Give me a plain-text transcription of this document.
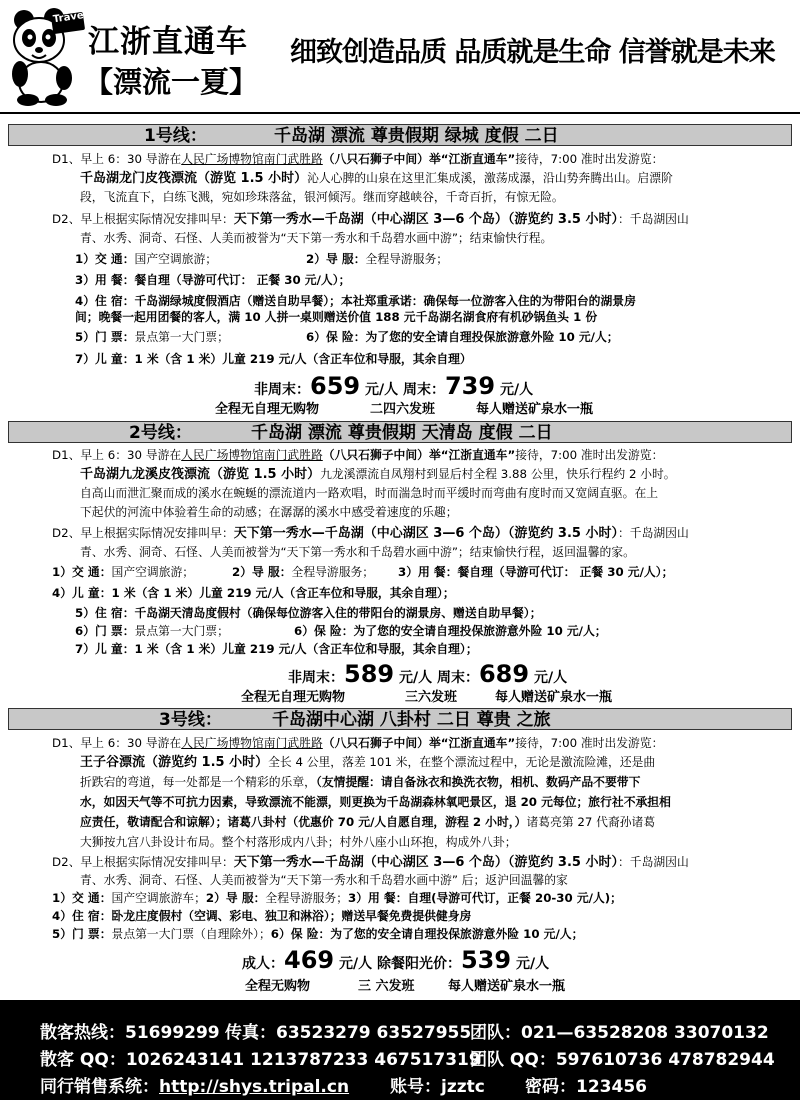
Travel
江浙直通车
【漂流一夏】
细致创造品质 品质就是生命 信誉就是未来
1号线：	千岛湖 漂流 尊贵假期 绿城 度假 二日
D1、早上 6：30 导游在人民广场博物馆南门武胜路（八只石狮子中间）举“江浙直通车”接待，7:00 准时出发游览：
千岛湖龙门皮筏漂流（游览 1.5 小时）沁人心脾的山泉在这里汇集成溪，激荡成瀑，沿山势奔腾出山。启漂阶
段，飞流直下，白练飞溅，宛如珍珠落盆，银河倾泻。继而穿越峡谷，千奇百折，有惊无险。
D2、早上根据实际情况安排叫早：天下第一秀水—千岛湖（中心湖区 3—6 个岛）（游览约 3.5 小时）：千岛湖因山
青、水秀、洞奇、石怪、人美而被誉为“天下第一秀水和千岛碧水画中游”；结束愉快行程。
1）交 通：国产空调旅游；	2）导 服：全程导游服务；
3）用 餐：餐自理（导游可代订： 正餐 30 元/人）；
4）住 宿：千岛湖绿城度假酒店（赠送自助早餐）；本社郑重承诺：确保每一位游客入住的为带阳台的湖景房
间；晚餐一起用团餐的客人，满 10 人拼一桌则赠送价值 188 元千岛湖名湖食府有机砂锅鱼头 1 份
5）门 票：景点第一大门票；	6）保 险：为了您的安全请自理投保旅游意外险 10 元/人；
7）儿 童：1 米（含 1 米）儿童 219 元/人（含正车位和导服，其余自理）
非周末：659 元/人 周末：739 元/人
全程无自理无购物	二四六发班	每人赠送矿泉水一瓶
2号线：	千岛湖 漂流 尊贵假期 天清岛 度假 二日
D1、早上 6：30 导游在人民广场博物馆南门武胜路（八只石狮子中间）举“江浙直通车”接待，7:00 准时出发游览：
千岛湖九龙溪皮筏漂流（游览 1.5 小时）九龙溪漂流自凤翔村到显后村全程 3.88 公里，快乐行程约 2 小时。
自高山而泄汇聚而成的溪水在蜿蜒的漂流道内一路欢唱，时而湍急时而平缓时而弯曲有度时而又宽阔直驱。在上
下起伏的河流中体验着生命的动感；在潺潺的溪水中感受着速度的乐趣；
D2、早上根据实际情况安排叫早：天下第一秀水—千岛湖（中心湖区 3—6 个岛）（游览约 3.5 小时）：千岛湖因山
青、水秀、洞奇、石怪、人美而被誉为“天下第一秀水和千岛碧水画中游”；结束愉快行程，返回温馨的家。
1）交 通：国产空调旅游；	2）导 服：全程导游服务； 3）用 餐：餐自理（导游可代订： 正餐 30 元/人）；
4）儿 童：1 米（含 1 米）儿童 219 元/人（含正车位和导服，其余自理）；
5）住 宿：千岛湖天清岛度假村（确保每位游客入住的带阳台的湖景房、赠送自助早餐）；
6）门 票：景点第一大门票；	6）保 险：为了您的安全请自理投保旅游意外险 10 元/人；
7）儿 童：1 米（含 1 米）儿童 219 元/人（含正车位和导服，其余自理）；
非周末：589 元/人 周末：689 元/人
全程无自理无购物	三六发班	每人赠送矿泉水一瓶
3号线：	千岛湖中心湖 八卦村 二日 尊贵 之旅
D1、早上 6：30 导游在人民广场博物馆南门武胜路（八只石狮子中间）举“江浙直通车”接待，7:00 准时出发游览：
王子谷漂流（游览约 1.5 小时）全长 4 公里，落差 101 米，在整个漂流过程中，无论是激流险滩，还是曲
折跌宕的弯道，每一处都是一个精彩的乐章，（友情提醒：请自备泳衣和换洗衣物，相机、数码产品不要带下
水，如因天气等不可抗力因素，导致漂流不能漂，则更换为千岛湖森林氧吧景区，退 20 元每位；旅行社不承担相
应责任，敬请配合和谅解）；诸葛八卦村（优惠价 70 元/人自愿自理，游程 2 小时，）诸葛亮第 27 代裔孙诸葛
大狮按九宫八卦设计布局。整个村落形成内八卦；村外八座小山环抱，构成外八卦；
D2、早上根据实际情况安排叫早：天下第一秀水—千岛湖（中心湖区 3—6 个岛）（游览约 3.5 小时）：千岛湖因山
青、水秀、洞奇、石怪、人美而被誉为“天下第一秀水和千岛碧水画中游” 后；返沪回温馨的家
1）交 通：国产空调旅游车；2）导 服：全程导游服务；3）用 餐：自理(导游可代订，正餐 20-30 元/人)；
4）住 宿：卧龙庄度假村（空调、彩电、独卫和淋浴）；赠送早餐免费提供健身房
5）门 票：景点第一大门票（自理除外）；6）保 险：为了您的安全请自理投保旅游意外险 10 元/人；
成人：469 元/人 除餐阳光价：539 元/人
全程无购物	三 六发班	每人赠送矿泉水一瓶
散客热线：51699299 传真：63523279 63527955
团队：021—63528208 33070132
散客 QQ：1026243141 1213787233 467517319
团队 QQ：597610736 478782944
同行销售系统：http://shys.tripal.cn 账号：jzztc 密码：123456
